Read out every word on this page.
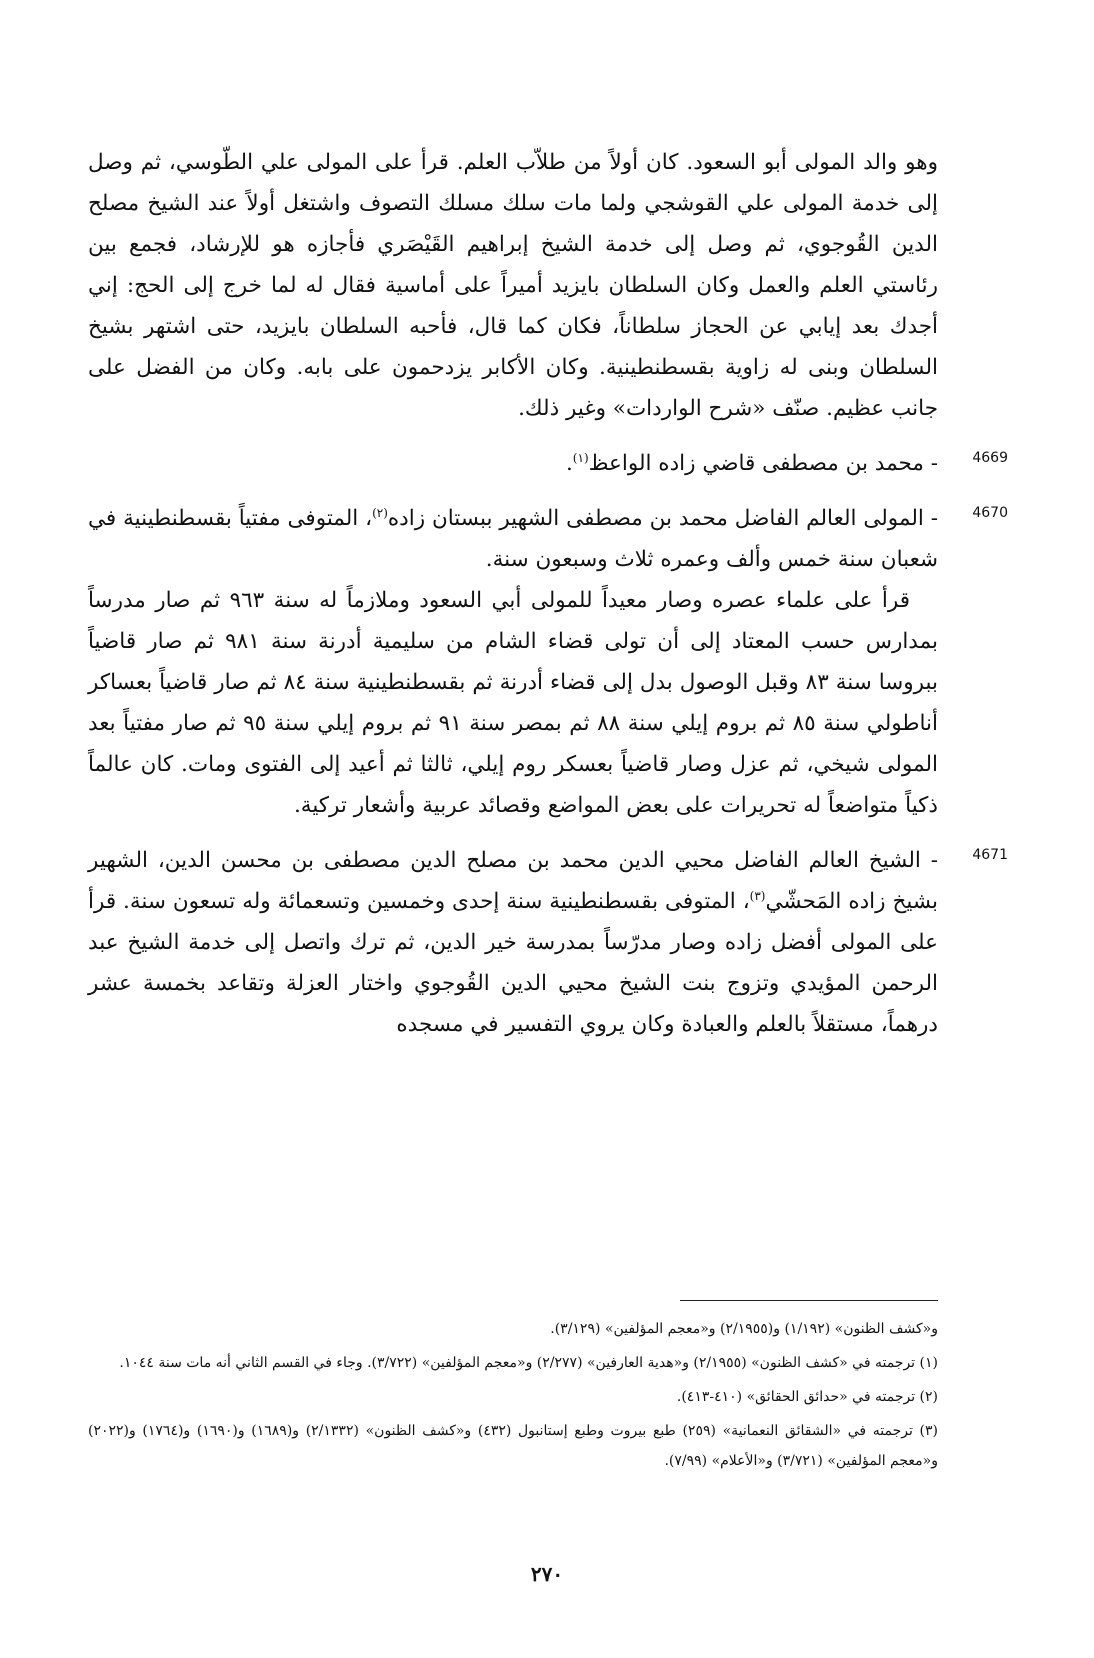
وهو والد المولى أبو السعود. كان أولاً من طلاّب العلم. قرأ على المولى علي الطّوسي، ثم وصل إلى خدمة المولى علي القوشجي ولما مات سلك مسلك التصوف واشتغل أولاً عند الشيخ مصلح الدين القُوجوي، ثم وصل إلى خدمة الشيخ إبراهيم القَيْصَري فأجازه هو للإرشاد، فجمع بين رئاستي العلم والعمل وكان السلطان بايزيد أميراً على أماسية فقال له لما خرج إلى الحج: إني أجدك بعد إيابي عن الحجاز سلطاناً، فكان كما قال، فأحبه السلطان بايزيد، حتى اشتهر بشيخ السلطان وبنى له زاوية بقسطنطينية. وكان الأكابر يزدحمون على بابه. وكان من الفضل على جانب عظيم. صنّف «شرح الواردات» وغير ذلك.

4669
- محمد بن مصطفى قاضي زاده الواعظ$^{(١)}$.
4670
- المولى العالم الفاضل محمد بن مصطفى الشهير ببستان زاده$^{(٢)}$، المتوفى مفتياً بقسطنطينية في شعبان سنة خمس وألف وعمره ثلاث وسبعون سنة.

قرأ على علماء عصره وصار معيداً للمولى أبي السعود وملازماً له سنة ٩٦٣ ثم صار مدرساً بمدارس حسب المعتاد إلى أن تولى قضاء الشام من سليمية أدرنة سنة ٩٨١ ثم صار قاضياً ببروسا سنة ٨٣ وقبل الوصول بدل إلى قضاء أدرنة ثم بقسطنطينية سنة ٨٤ ثم صار قاضياً بعساكر أناطولي سنة ٨٥ ثم بروم إيلي سنة ٨٨ ثم بمصر سنة ٩١ ثم بروم إيلي سنة ٩٥ ثم صار مفتياً بعد المولى شيخي، ثم عزل وصار قاضياً بعسكر روم إيلي، ثالثا ثم أعيد إلى الفتوى ومات. كان عالماً ذكياً متواضعاً له تحريرات على بعض المواضع وقصائد عربية وأشعار تركية.

4671
- الشيخ العالم الفاضل محيي الدين محمد بن مصلح الدين مصطفى بن محسن الدين، الشهير بشيخ زاده المَحشّي$^{(٣)}$، المتوفى بقسطنطينية سنة إحدى وخمسين وتسعمائة وله تسعون سنة. قرأ على المولى أفضل زاده وصار مدرّساً بمدرسة خير الدين، ثم ترك واتصل إلى خدمة الشيخ عبد الرحمن المؤيدي وتزوج بنت الشيخ محيي الدين القُوجوي واختار العزلة وتقاعد بخمسة عشر درهماً، مستقلاً بالعلم والعبادة وكان يروي التفسير في مسجده

و«كشف الظنون» (١/١٩٢) و(٢/١٩٥٥) و«معجم المؤلفين» (٣/١٢٩).

(١) ترجمته في «كشف الظنون» (٢/١٩٥٥) و«هدية العارفين» (٢/٢٧٧) و«معجم المؤلفين» (٣/٧٢٢). وجاء في القسم الثاني أنه مات سنة ١٠٤٤.

(٢) ترجمته في «حدائق الحقائق» (٤١٠-٤١٣).

(٣) ترجمته في «الشقائق النعمانية» (٢٥٩) طبع بيروت وطبع إستانبول (٤٣٢) و«كشف الظنون» (٢/١٣٣٢) و(١٦٨٩) و(١٦٩٠) و(١٧٦٤) و(٢٠٢٢) و«معجم المؤلفين» (٣/٧٢١) و«الأعلام» (٧/٩٩).

٢٧٠
